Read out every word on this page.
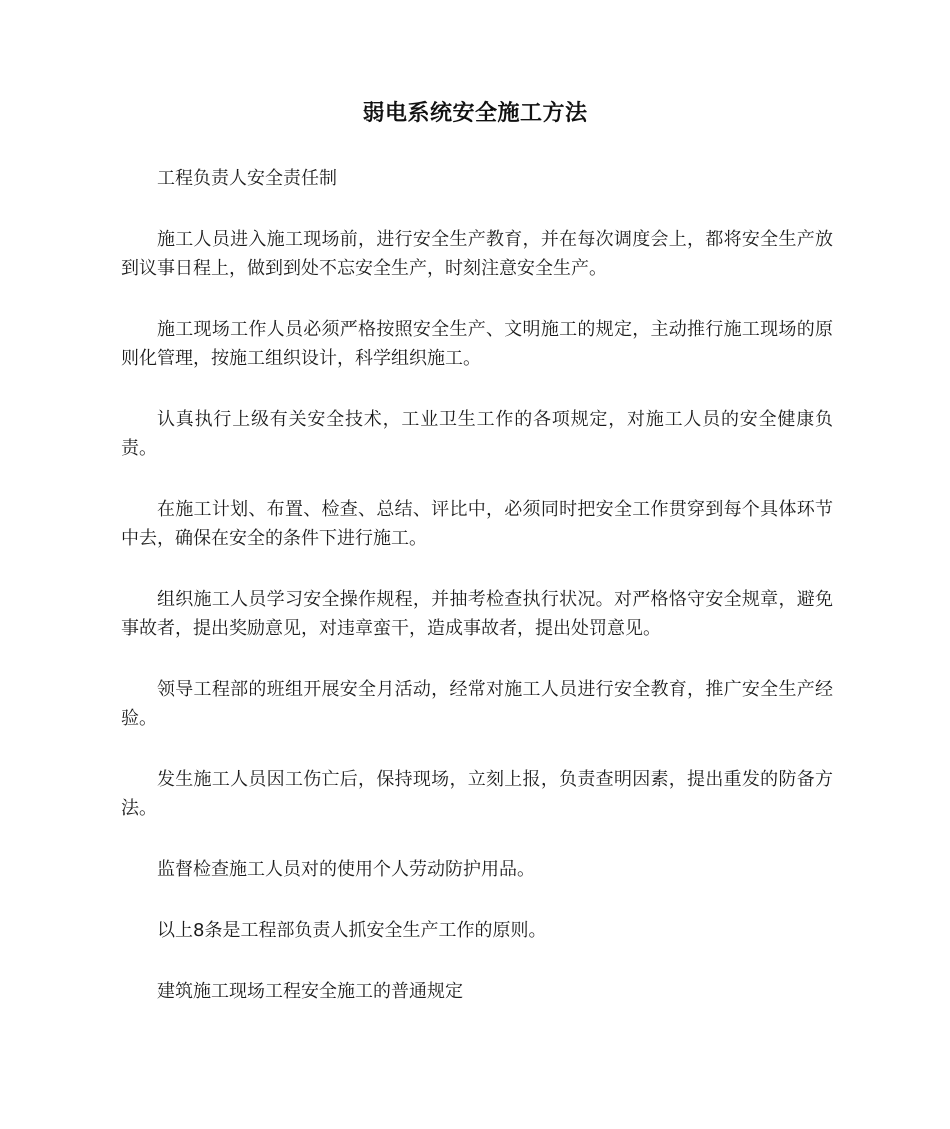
弱电系统安全施工方法

工程负责人安全责任制

施工人员进入施工现场前，进行安全生产教育，并在每次调度会上，都将安全生产放到议事日程上，做到到处不忘安全生产，时刻注意安全生产。

施工现场工作人员必须严格按照安全生产、文明施工的规定，主动推行施工现场的原则化管理，按施工组织设计，科学组织施工。

认真执行上级有关安全技术，工业卫生工作的各项规定，对施工人员的安全健康负责。

在施工计划、布置、检查、总结、评比中，必须同时把安全工作贯穿到每个具体环节中去，确保在安全的条件下进行施工。

组织施工人员学习安全操作规程，并抽考检查执行状况。对严格恪守安全规章，避免事故者，提出奖励意见，对违章蛮干，造成事故者，提出处罚意见。

领导工程部的班组开展安全月活动，经常对施工人员进行安全教育，推广安全生产经验。

发生施工人员因工伤亡后，保持现场，立刻上报，负责查明因素，提出重发的防备方法。

监督检查施工人员对的使用个人劳动防护用品。

以上8条是工程部负责人抓安全生产工作的原则。

建筑施工现场工程安全施工的普通规定
